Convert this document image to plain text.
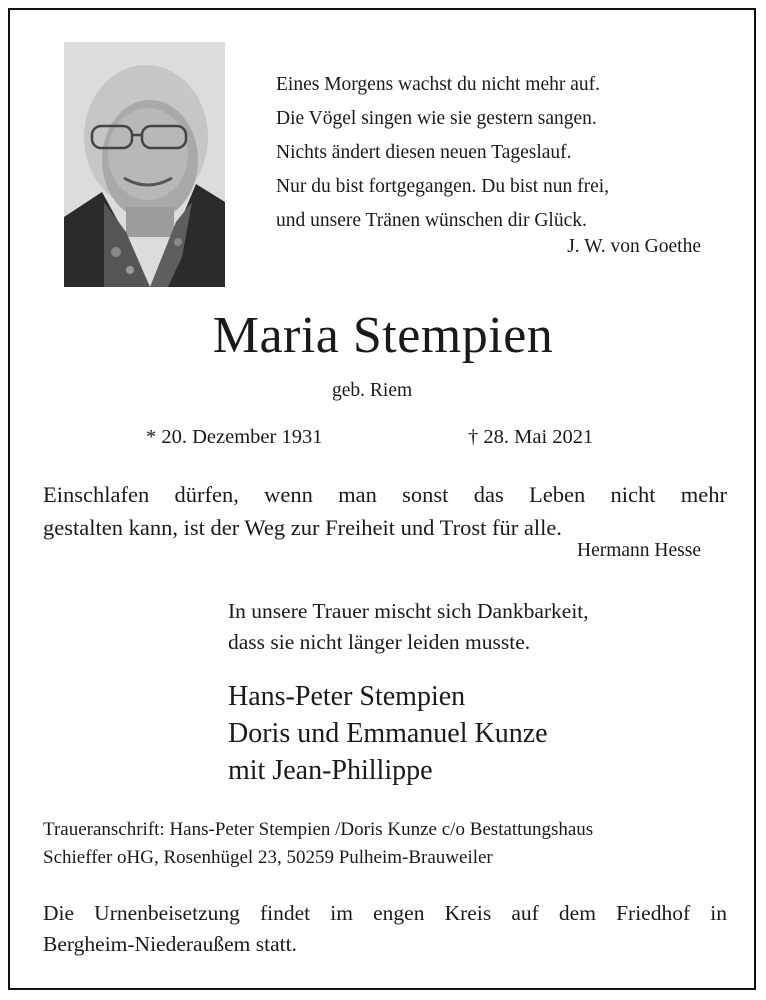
Eines Morgens wachst du nicht mehr auf.
Die Vögel singen wie sie gestern sangen.
Nichts ändert diesen neuen Tageslauf.
Nur du bist fortgegangen. Du bist nun frei,
und unsere Tränen wünschen dir Glück.
J. W. von Goethe
Maria Stempien
geb. Riem
* 20. Dezember 1931	† 28. Mai 2021
Einschlafen dürfen, wenn man sonst das Leben nicht mehr
gestalten kann, ist der Weg zur Freiheit und Trost für alle.
Hermann Hesse
In unsere Trauer mischt sich Dankbarkeit,
dass sie nicht länger leiden musste.
Hans-Peter Stempien
Doris und Emmanuel Kunze
mit Jean-Phillippe
Traueranschrift: Hans-Peter Stempien /Doris Kunze c/o Bestattungshaus
Schieffer oHG, Rosenhügel 23, 50259 Pulheim-Brauweiler
Die Urnenbeisetzung findet im engen Kreis auf dem Friedhof in
Bergheim-Niederaußem statt.
